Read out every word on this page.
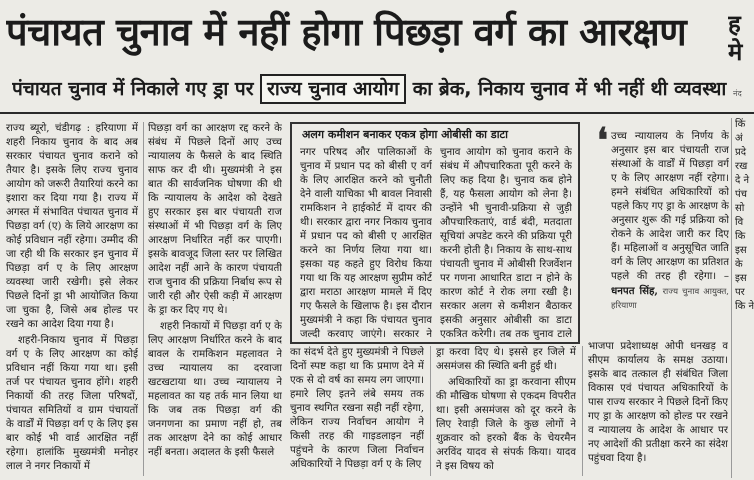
पंचायत चुनाव में नहीं होगा पिछड़ा वर्ग का आरक्षण	ह मे
पंचायत चुनाव में निकाले गए ड्रा पर राज्य चुनाव आयोग का ब्रेक, निकाय चुनाव में भी नहीं थी व्यवस्था नंद

राज्य ब्यूरो, चंडीगढ़ : हरियाणा में शहरी निकाय चुनाव के बाद अब सरकार पंचायत चुनाव कराने को तैयार है। इसके लिए राज्य चुनाव आयोग को जरूरी तैयारियां करने का इशारा कर दिया गया है। राज्य में अगस्त में संभावित पंचायत चुनाव में पिछड़ा वर्ग (ए) के लिये आरक्षण का कोई प्रविधान नहीं रहेगा। उम्मीद की जा रही थी कि सरकार इन चुनाव में पिछड़ा वर्ग ए के लिए आरक्षण व्यवस्था जारी रखेगी। इसे लेकर पिछले दिनों ड्रा भी आयोजित किया जा चुका है, जिसे अब होल्ड पर रखने का आदेश दिया गया है।

शहरी-निकाय चुनाव में पिछड़ा वर्ग ए के लिए आरक्षण का कोई प्रविधान नहीं किया गया था। इसी तर्ज पर पंचायत चुनाव होंगे। शहरी निकायों की तरह जिला परिषदों, पंचायत समितियों व ग्राम पंचायतों के वार्डों में पिछड़ा वर्ग ए के लिए इस बार कोई भी वार्ड आरक्षित नहीं रहेगा। हालांकि मुख्यमंत्री मनोहर लाल ने नगर निकायों में

पिछड़ा वर्ग का आरक्षण रद्द करने के संबंध में पिछले दिनों आए उच्च न्यायालय के फैसले के बाद स्थिति साफ कर दी थी। मुख्यमंत्री ने इस बात की सार्वजनिक घोषणा की थी कि न्यायालय के आदेश को देखते हुए सरकार इस बार पंचायती राज संस्थाओं में भी पिछड़ा वर्ग के लिए आरक्षण निर्धारित नहीं कर पाएगी। इसके बावजूद जिला स्तर पर लिखित आदेश नहीं आने के कारण पंचायती राज चुनाव की प्रक्रिया निर्बाध रूप से जारी रही और ऐसी कड़ी में आरक्षण के ड्रा कर दिए गए थे।

शहरी निकायों में पिछड़ा वर्ग ए के लिए आरक्षण निर्धारित करने के बाद बावल के रामकिशन महलावत ने उच्च न्यायालय का दरवाजा खटखटाया था। उच्च न्यायालय ने महलावत का यह तर्क मान लिया था कि जब तक पिछड़ा वर्ग की जनगणना का प्रमाण नहीं हो, तब तक आरक्षण देने का कोई आधार नहीं बनता। अदालत के इसी फैसले

अलग कमीशन बनाकर एकत्र होगा ओबीसी का डाटा
नगर परिषद और पालिकाओं के चुनाव में प्रधान पद को बीसी ए वर्ग के लिए आरक्षित करने को चुनौती देने वाली याचिका भी बावल निवासी रामकिशन ने हाईकोर्ट में दायर की थी। सरकार द्वारा नगर निकाय चुनाव में प्रधान पद को बीसी ए आरक्षित करने का निर्णय लिया गया था। इसका यह कहते हुए विरोध किया गया था कि यह आरक्षण सुप्रीम कोर्ट द्वारा मराठा आरक्षण मामले में दिए गए फैसले के खिलाफ है। इस दौरान मुख्यमंत्री ने कहा कि पंचायत चुनाव जल्दी करवाए जाएंगे। सरकार ने
चुनाव आयोग को चुनाव कराने के संबंध में औपचारिकता पूरी करने के लिए कह दिया है। चुनाव कब होने हैं, यह फैसला आयोग को लेना है। उन्होंने भी चुनावी-प्रक्रिया से जुड़ी औपचारिकताएं, वार्ड बंदी, मतदाता सूचियां अपडेट करने की प्रक्रिया पूरी करनी होती है। निकाय के साथ-साथ पंचायती चुनाव में ओबीसी रिजर्वेशन पर गणना आधारित डाटा न होने के कारण कोर्ट ने रोक लगा रखी है। सरकार अलग से कमीशन बैठाकर इसकी अनुसार ओबीसी का डाटा एकत्रित करेगी। तब तक चुनाव टाले
❛ उच्च न्यायालय के निर्णय के अनुसार इस बार पंचायती राज संस्थाओं के वार्डों में पिछड़ा वर्ग ए के लिए आरक्षण नहीं रहेगा। हमने संबंधित अधिकारियों को पहले किए गए ड्रा के आरक्षण के अनुसार शुरू की गई प्रक्रिया को रोकने के आदेश जारी कर दिए हैं। महिलाओं व अनुसूचित जाति वर्ग के लिए आरक्षण का प्रतिशत पहले की तरह ही रहेगा। – धनपत सिंह, राज्य चुनाव आयुक्त, हरियाणा

का संदर्भ देते हुए मुख्यमंत्री ने पिछले दिनों स्पष्ट कहा था कि प्रमाण देने में एक से दो वर्ष का समय लग जाएगा। हमारे लिए इतने लंबे समय तक चुनाव स्थगित रखना सही नहीं रहेगा, लेकिन राज्य निर्वाचन आयोग ने किसी तरह की गाइडलाइन नहीं पहुंचने के कारण जिला निर्वाचन अधिकारियों ने पिछड़ा वर्ग ए के लिए

ड्रा करवा दिए थे। इससे हर जिले में असमंजस की स्थिति बनी हुई थी।

अधिकारियों का ड्रा करवाना सीएम की मौखिक घोषणा से एकदम विपरीत था। इसी असमंजस को दूर करने के लिए रेवाड़ी जिले के कुछ लोगों ने शुक्रवार को हरको बैंक के चेयरमैन अरविंद यादव से संपर्क किया। यादव ने इस विषय को

भाजपा प्रदेशाध्यक्ष ओपी धनखड़ व सीएम कार्यालय के समक्ष उठाया। इसके बाद तत्काल ही संबंधित जिला विकास एवं पंचायत अधिकारियों के पास राज्य सरकार ने पिछले दिनों किए गए ड्रा के आरक्षण को होल्ड पर रखने व न्यायालय के आदेश के आधार पर नए आदेशों की प्रतीक्षा करने का संदेश पहुंचवा दिया है।

किं अं प्रदे रख दे ने पंच सो वि कि इस के इस पर कि ने
